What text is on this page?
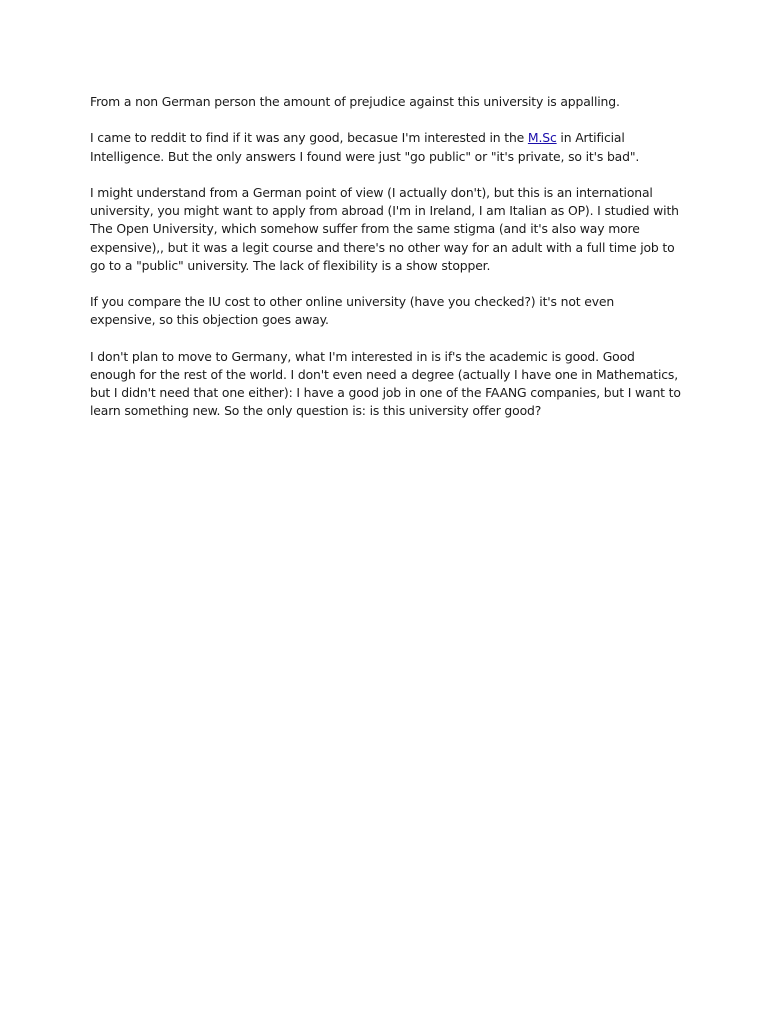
From a non German person the amount of prejudice against this university is appalling.

I came to reddit to find if it was any good, becasue I'm interested in the M.Sc in Artificial Intelligence. But the only answers I found were just "go public" or "it's private, so it's bad".

I might understand from a German point of view (I actually don't), but this is an international university, you might want to apply from abroad (I'm in Ireland, I am Italian as OP). I studied with The Open University, which somehow suffer from the same stigma (and it's also way more expensive),, but it was a legit course and there's no other way for an adult with a full time job to go to a "public" university. The lack of flexibility is a show stopper.

If you compare the IU cost to other online university (have you checked?) it's not even expensive, so this objection goes away.

I don't plan to move to Germany, what I'm interested in is if's the academic is good. Good enough for the rest of the world. I don't even need a degree (actually I have one in Mathematics, but I didn't need that one either): I have a good job in one of the FAANG companies, but I want to learn something new. So the only question is: is this university offer good?
